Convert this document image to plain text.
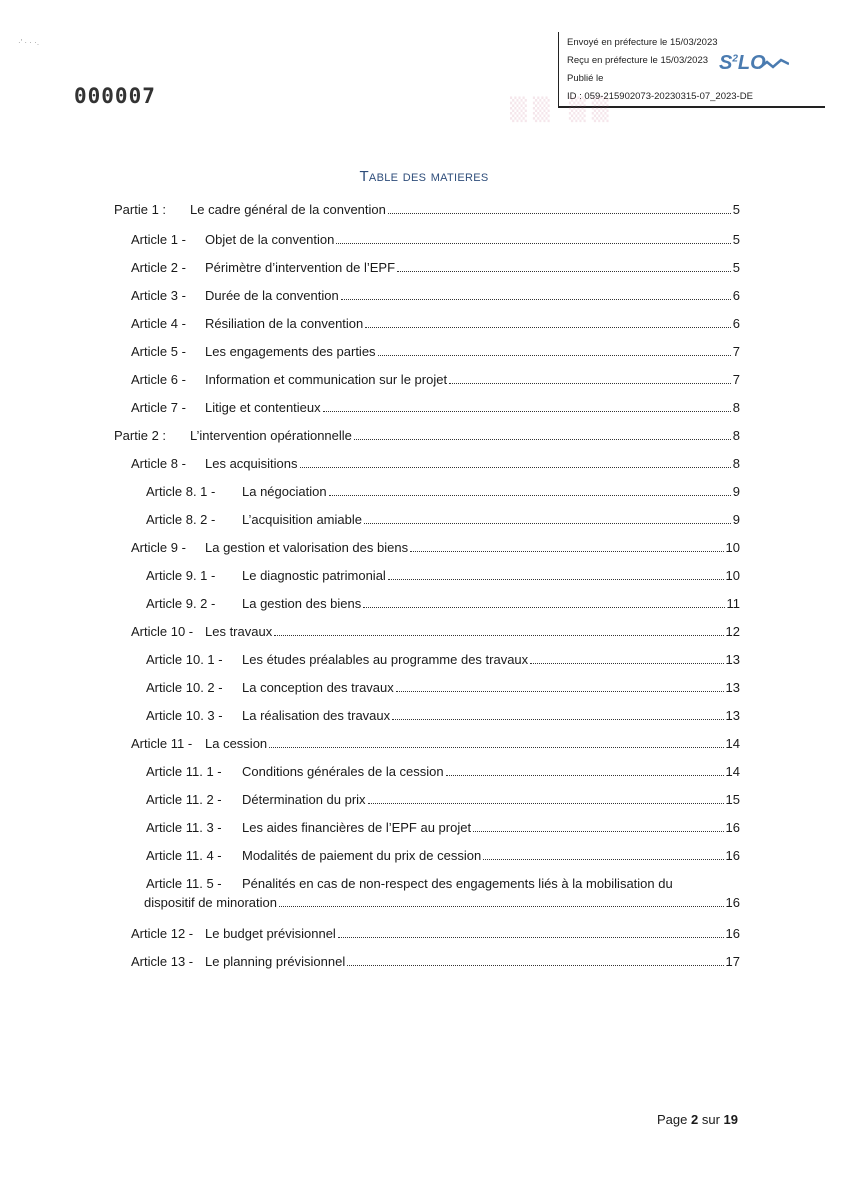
Envoyé en préfecture le 15/03/2023
Reçu en préfecture le 15/03/2023
Publié le
ID : 059-215902073-20230315-07_2023-DE
$S^2LO$
·' · · ·.
▒▒ ▒▒
000007
Table des matieres
Partie 1 :	Le cadre général de la convention	5
Article 1 -	Objet de la convention	5
Article 2 -	Périmètre d’intervention de l’EPF	5
Article 3 -	Durée de la convention	6
Article 4 -	Résiliation de la convention	6
Article 5 -	Les engagements des parties	7
Article 6 -	Information et communication sur le projet	7
Article 7 -	Litige et contentieux	8
Partie 2 :	L’intervention opérationnelle	8
Article 8 -	Les acquisitions	8
Article 8. 1 -	La négociation	9
Article 8. 2 -	L’acquisition amiable	9
Article 9 -	La gestion et valorisation des biens	10
Article 9. 1 -	Le diagnostic patrimonial	10
Article 9. 2 -	La gestion des biens	11
Article 10 - Les travaux	12
Article 10. 1 -	Les études préalables au programme des travaux	13
Article 10. 2 -	La conception des travaux	13
Article 10. 3 -	La réalisation des travaux	13
Article 11 - La cession	14
Article 11. 1 -	Conditions générales de la cession	14
Article 11. 2 -	Détermination du prix	15
Article 11. 3 -	Les aides financières de l’EPF au projet	16
Article 11. 4 -	Modalités de paiement du prix de cession	16
Article 11. 5 -	Pénalités en cas de non-respect des engagements liés à la mobilisation du
dispositif de minoration	16
Article 12 - Le budget prévisionnel	16
Article 13 - Le planning prévisionnel	17
Page 2 sur 19
